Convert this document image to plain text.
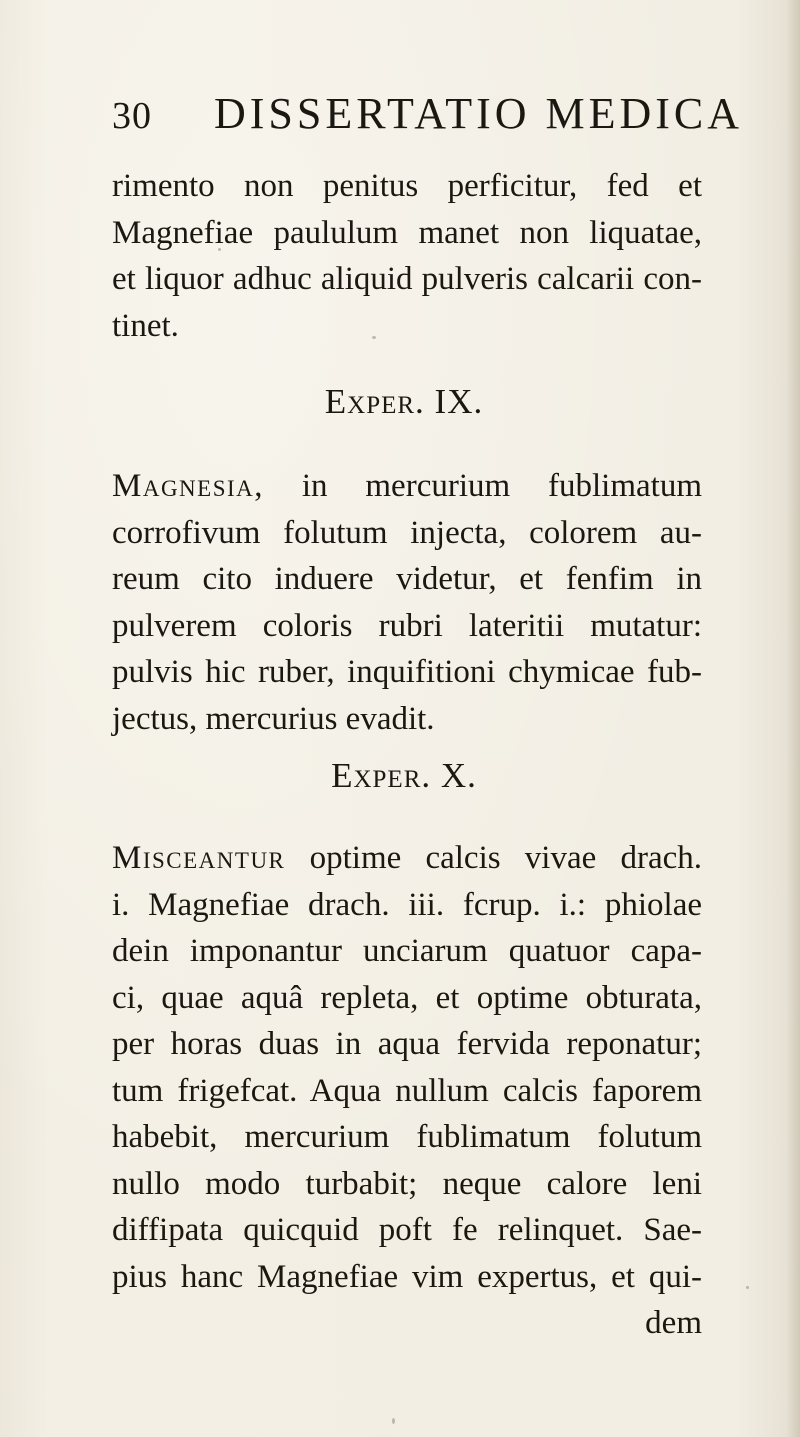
30 DISSERTATIO MEDICA
rimento non penitus perficitur, fed et
Magnefiae paululum manet non liquatae,
et liquor adhuc aliquid pulveris calcarii con-
tinet.
Exper. IX.
Magnesia, in mercurium fublimatum
corrofivum folutum injecta, colorem au-
reum cito induere videtur, et fenfim in
pulverem coloris rubri lateritii mutatur:
pulvis hic ruber, inquifitioni chymicae fub-
jectus, mercurius evadit.
Exper. X.
Misceantur optime calcis vivae drach.
i. Magnefiae drach. iii. fcrup. i.: phiolae
dein imponantur unciarum quatuor capa-
ci, quae aquâ repleta, et optime obturata,
per horas duas in aqua fervida reponatur;
tum frigefcat. Aqua nullum calcis faporem
habebit, mercurium fublimatum folutum
nullo modo turbabit; neque calore leni
diffipata quicquid poft fe relinquet. Sae-
pius hanc Magnefiae vim expertus, et qui-
dem
